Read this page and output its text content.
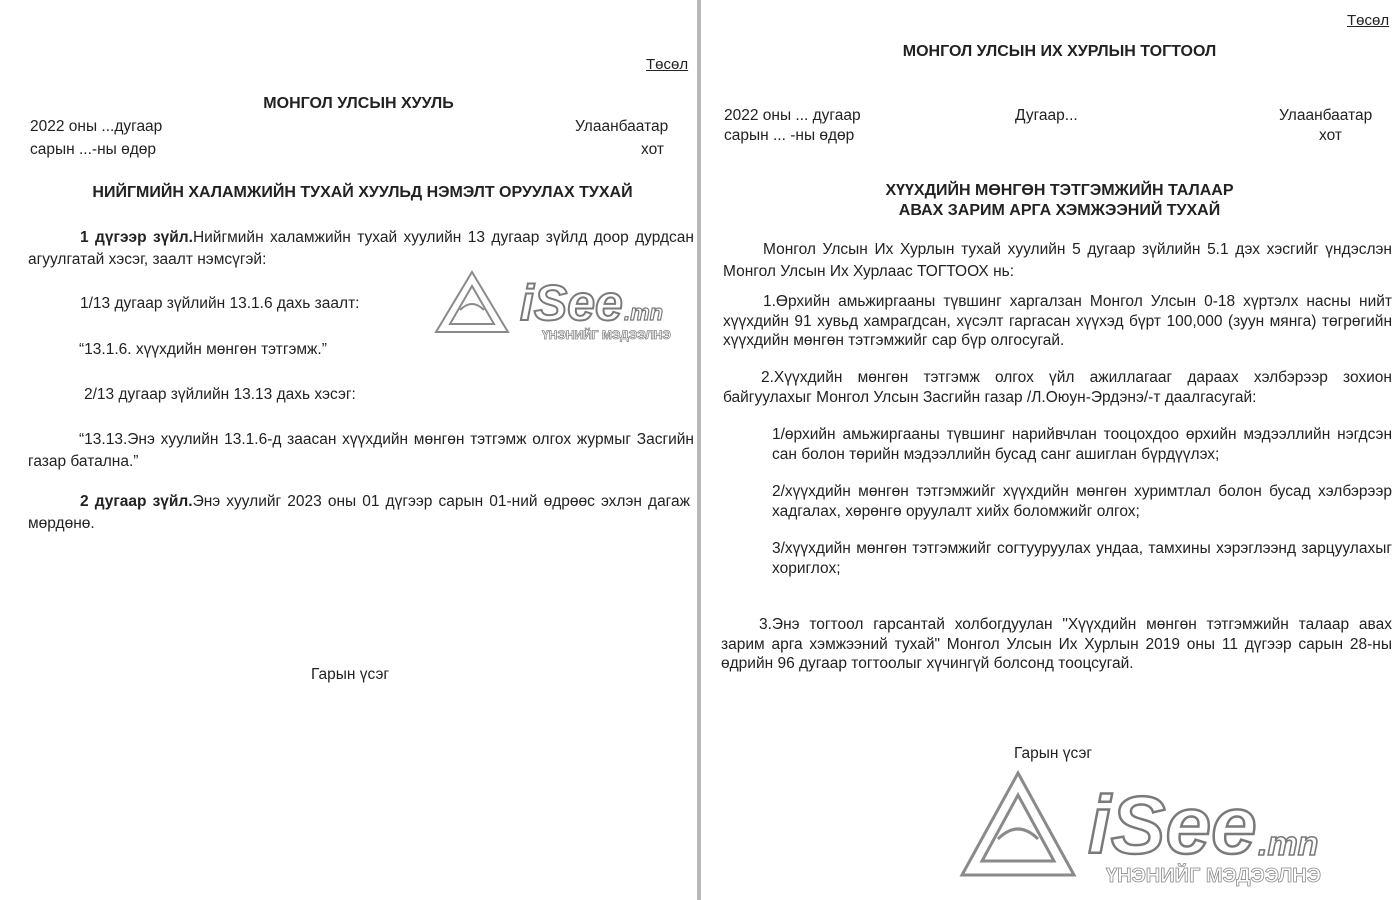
Төсөл

МОНГОЛ УЛСЫН ХУУЛЬ

2022 оны ...дугаар

сарын ...-ны өдөр

Улаанбаатар

хот

НИЙГМИЙН ХАЛАМЖИЙН ТУХАЙ ХУУЛЬД НЭМЭЛТ ОРУУЛАХ ТУХАЙ

1 дүгээр зүйл.Нийгмийн халамжийн тухай хуулийн 13 дугаар зүйлд доор дурдсан агуулгатай хэсэг, заалт нэмсүгэй:

1/13 дугаар зүйлийн 13.1.6 дахь заалт:

“13.1.6. хүүхдийн мөнгөн тэтгэмж.”

2/13 дугаар зүйлийн 13.13 дахь хэсэг:

“13.13.Энэ хуулийн 13.1.6-д заасан хүүхдийн мөнгөн тэтгэмж олгох журмыг Засгийн газар батална.”

2 дугаар зүйл.Энэ хуулийг 2023 оны 01 дүгээр сарын 01-ний өдрөөс эхлэн дагаж мөрдөнө.

Гарын үсэг

iSee .mn
ҮНЭНИЙГ МЭДЭЭЛНЭ

Төсөл

МОНГОЛ УЛСЫН ИХ ХУРЛЫН ТОГТООЛ

2022 оны ... дугаар

сарын ... -ны өдөр

Дугаар...	Улаанбаатар

хот

ХҮҮХДИЙН МӨНГӨН ТЭТГЭМЖИЙН ТАЛААР

АВАХ ЗАРИМ АРГА ХЭМЖЭЭНИЙ ТУХАЙ

Монгол Улсын Их Хурлын тухай хуулийн 5 дугаар зүйлийн 5.1 дэх хэсгийг үндэслэн Монгол Улсын Их Хурлаас ТОГТООХ нь:

1.Өрхийн амьжиргааны түвшинг харгалзан Монгол Улсын 0-18 хүртэлх насны нийт хүүхдийн 91 хувьд хамрагдсан, хүсэлт гаргасан хүүхэд бүрт 100,000 (зуун мянга) төгрөгийн хүүхдийн мөнгөн тэтгэмжийг сар бүр олгосугай.

2.Хүүхдийн мөнгөн тэтгэмж олгох үйл ажиллагааг дараах хэлбэрээр зохион байгуулахыг Монгол Улсын Засгийн газар /Л.Оюун-Эрдэнэ/-т даалгасугай:

1/өрхийн амьжиргааны түвшинг нарийвчлан тооцохдоо өрхийн мэдээллийн нэгдсэн сан болон төрийн мэдээллийн бусад санг ашиглан бүрдүүлэх;

2/хүүхдийн мөнгөн тэтгэмжийг хүүхдийн мөнгөн хуримтлал болон бусад хэлбэрээр хадгалах, хөрөнгө оруулалт хийх боломжийг олгох;

3/хүүхдийн мөнгөн тэтгэмжийг согтууруулах ундаа, тамхины хэрэглээнд зарцуулахыг хориглох;

3.Энэ тогтоол гарсантай холбогдуулан "Хүүхдийн мөнгөн тэтгэмжийн талаар авах зарим арга хэмжээний тухай" Монгол Улсын Их Хурлын 2019 оны 11 дүгээр сарын 28-ны өдрийн 96 дугаар тогтоолыг хүчингүй болсонд тооцсугай.

Гарын үсэг

iSee .mn
ҮНЭНИЙГ МЭДЭЭЛНЭ
